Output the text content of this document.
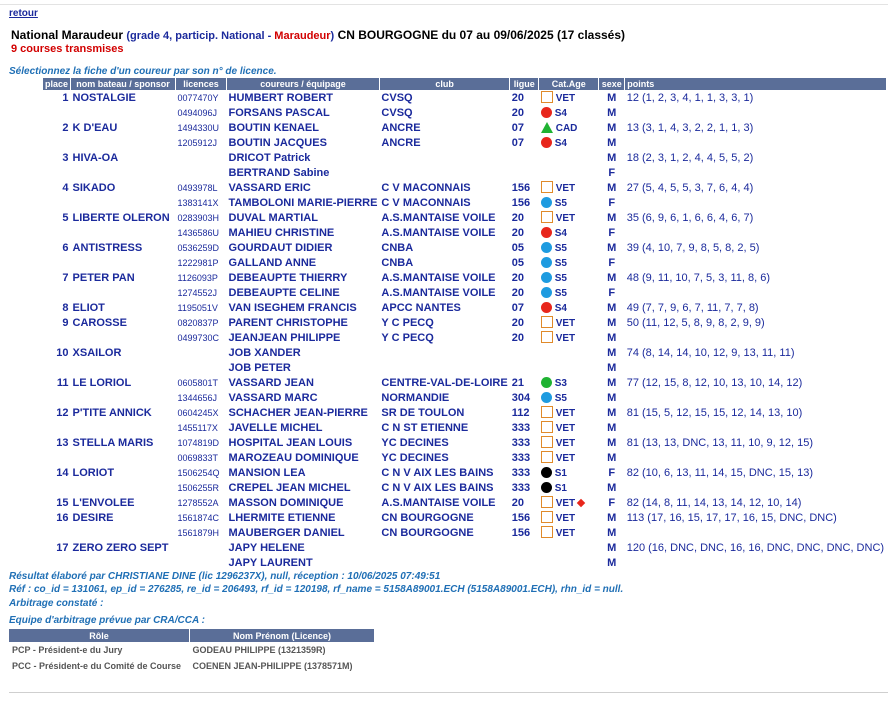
retour
National Maraudeur (grade 4, particip. National - Maraudeur) CN BOURGOGNE du 07 au 09/06/2025 (17 classés)
9 courses transmises
Sélectionnez la fiche d'un coureur par son n° de licence.
place	nom bateau / sponsor	licences	coureurs / équipage	club	ligue	Cat.Age	sexe	points
1	NOSTALGIE	0077470Y	HUMBERT ROBERT	CVSQ	20	VET	M	12 (1, 2, 3, 4, 1, 1, 3, 3, 1)
		0494096J	FORSANS PASCAL	CVSQ	20	S4	M	
2	K D'EAU	1494330U	BOUTIN KENAEL	ANCRE	07	CAD	M	13 (3, 1, 4, 3, 2, 2, 1, 1, 3)
		1205912J	BOUTIN JACQUES	ANCRE	07	S4	M	
3	HIVA-OA		DRICOT Patrick				M	18 (2, 3, 1, 2, 4, 4, 5, 5, 2)
			BERTRAND Sabine				F	
4	SIKADO	0493978L	VASSARD ERIC	C V MACONNAIS	156	VET	M	27 (5, 4, 5, 5, 3, 7, 6, 4, 4)
		1383141X	TAMBOLONI MARIE-PIERRE	C V MACONNAIS	156	S5	F	
5	LIBERTE OLERON	0283903H	DUVAL MARTIAL	A.S.MANTAISE VOILE	20	VET	M	35 (6, 9, 6, 1, 6, 6, 4, 6, 7)
		1436586U	MAHIEU CHRISTINE	A.S.MANTAISE VOILE	20	S4	F	
6	ANTISTRESS	0536259D	GOURDAUT DIDIER	CNBA	05	S5	M	39 (4, 10, 7, 9, 8, 5, 8, 2, 5)
		1222981P	GALLAND ANNE	CNBA	05	S5	F	
7	PETER PAN	1126093P	DEBEAUPTE THIERRY	A.S.MANTAISE VOILE	20	S5	M	48 (9, 11, 10, 7, 5, 3, 11, 8, 6)
		1274552J	DEBEAUPTE CELINE	A.S.MANTAISE VOILE	20	S5	F	
8	ELIOT	1195051V	VAN ISEGHEM FRANCIS	APCC NANTES	07	S4	M	49 (7, 7, 9, 6, 7, 11, 7, 7, 8)
9	CAROSSE	0820837P	PARENT CHRISTOPHE	Y C PECQ	20	VET	M	50 (11, 12, 5, 8, 9, 8, 2, 9, 9)
		0499730C	JEANJEAN PHILIPPE	Y C PECQ	20	VET	M	
10	XSAILOR		JOB XANDER				M	74 (8, 14, 14, 10, 12, 9, 13, 11, 11)
			JOB PETER				M	
11	LE LORIOL	0605801T	VASSARD JEAN	CENTRE-VAL-DE-LOIRE	21	S3	M	77 (12, 15, 8, 12, 10, 13, 10, 14, 12)
		1344656J	VASSARD MARC	NORMANDIE	304	S5	M	
12	P'TITE ANNICK	0604245X	SCHACHER JEAN-PIERRE	SR DE TOULON	112	VET	M	81 (15, 5, 12, 15, 15, 12, 14, 13, 10)
		1455117X	JAVELLE MICHEL	C N ST ETIENNE	333	VET	M	
13	STELLA MARIS	1074819D	HOSPITAL JEAN LOUIS	YC DECINES	333	VET	M	81 (13, 13, DNC, 13, 11, 10, 9, 12, 15)
		0069833T	MAROZEAU DOMINIQUE	YC DECINES	333	VET	M	
14	LORIOT	1506254Q	MANSION LEA	C N V AIX LES BAINS	333	S1	F	82 (10, 6, 13, 11, 14, 15, DNC, 15, 13)
		1506255R	CREPEL JEAN MICHEL	C N V AIX LES BAINS	333	S1	M	
15	L'ENVOLEE	1278552A	MASSON DOMINIQUE	A.S.MANTAISE VOILE	20	VET	F	82 (14, 8, 11, 14, 13, 14, 12, 10, 14)
16	DESIRE	1561874C	LHERMITE ETIENNE	CN BOURGOGNE	156	VET	M	113 (17, 16, 15, 17, 17, 16, 15, DNC, DNC)
		1561879H	MAUBERGER DANIEL	CN BOURGOGNE	156	VET	M	
17	ZERO ZERO SEPT		JAPY HELENE				M	120 (16, DNC, DNC, 16, 16, DNC, DNC, DNC, DNC)
			JAPY LAURENT				M	
Résultat élaboré par CHRISTIANE DINE (lic 1296237X), null, réception : 10/06/2025 07:49:51
Réf : co_id = 131061, ep_id = 276285, re_id = 206493, rf_id = 120198, rf_name = 5158A89001.ECH (5158A89001.ECH), rhn_id = null.
Arbitrage constaté :
Equipe d'arbitrage prévue par CRA/CCA :
Rôle	Nom Prénom (Licence)
PCP - Président-e du Jury	GODEAU PHILIPPE (1321359R)
PCC - Président-e du Comité de Course	COENEN JEAN-PHILIPPE (1378571M)
